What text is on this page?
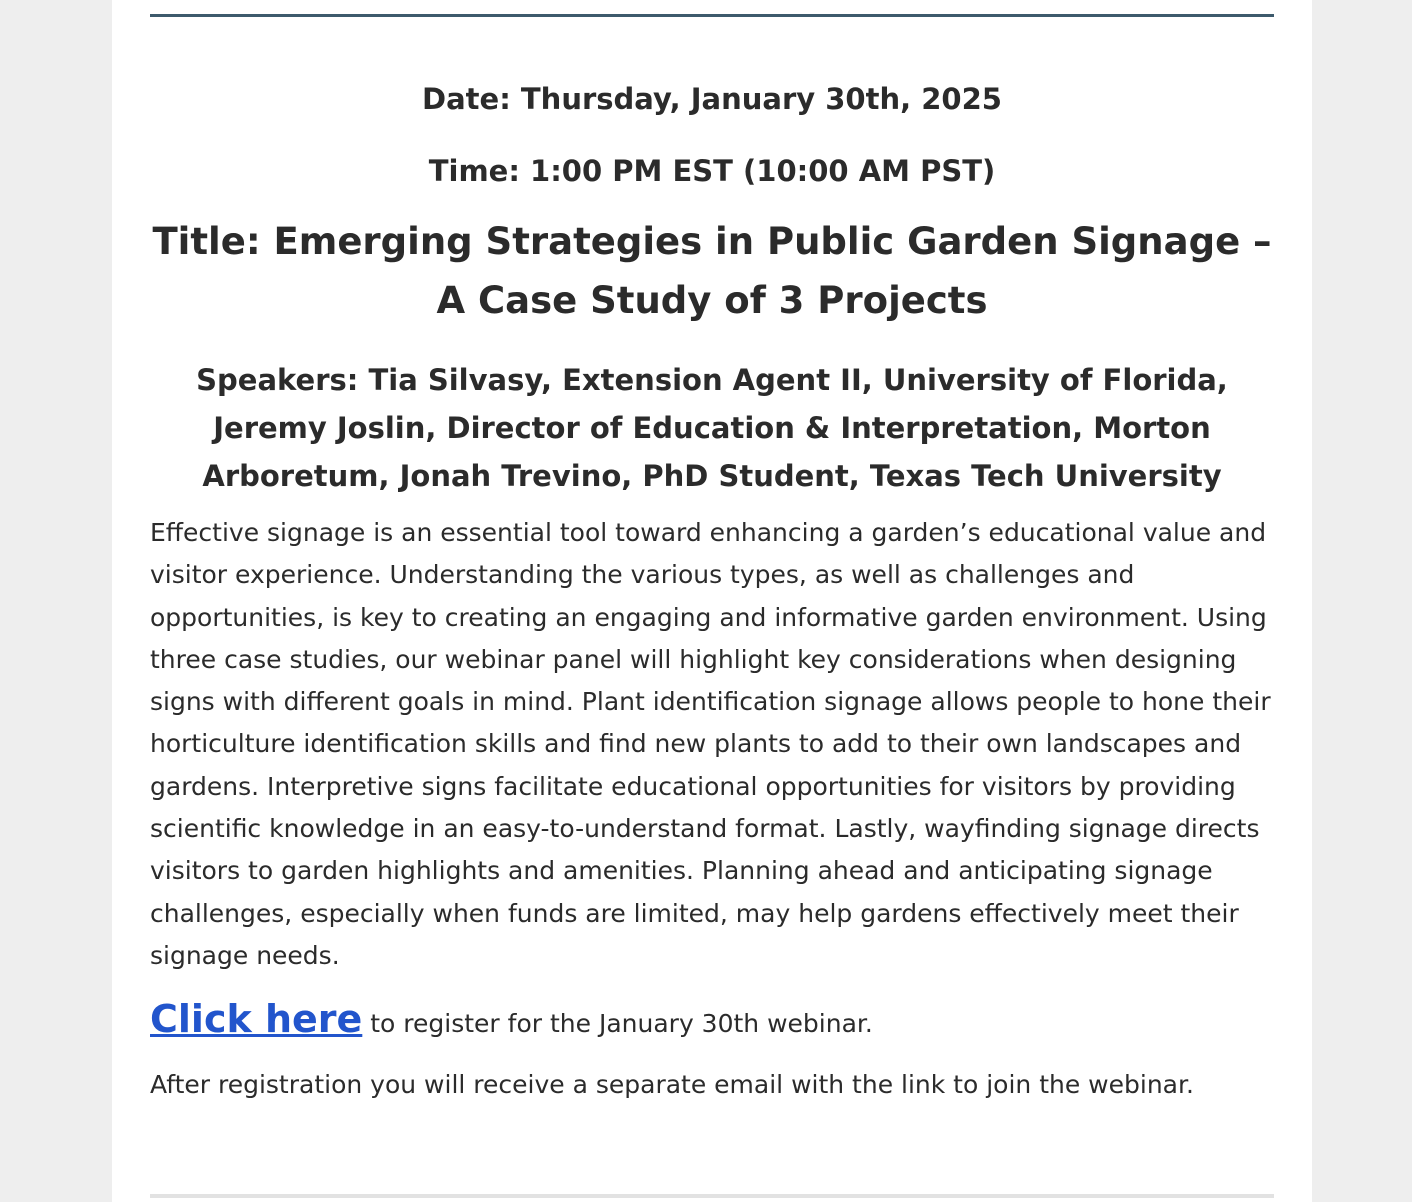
Date: Thursday, January 30th, 2025

Time: 1:00 PM EST (10:00 AM PST)

Title: Emerging Strategies in Public Garden Signage – A Case Study of 3 Projects
Speakers: Tia Silvasy, Extension Agent II, University of Florida, Jeremy Joslin, Director of Education & Interpretation, Morton Arboretum, Jonah Trevino, PhD Student, Texas Tech University

Effective signage is an essential tool toward enhancing a garden’s educational value and visitor experience. Understanding the various types, as well as challenges and opportunities, is key to creating an engaging and informative garden environment. Using three case studies, our webinar panel will highlight key considerations when designing signs with different goals in mind. Plant identification signage allows people to hone their horticulture identification skills and find new plants to add to their own landscapes and gardens. Interpretive signs facilitate educational opportunities for visitors by providing scientific knowledge in an easy-to-understand format. Lastly, wayfinding signage directs visitors to garden highlights and amenities. Planning ahead and anticipating signage challenges, especially when funds are limited, may help gardens effectively meet their signage needs.

Click here to register for the January 30th webinar.

After registration you will receive a separate email with the link to join the webinar.
